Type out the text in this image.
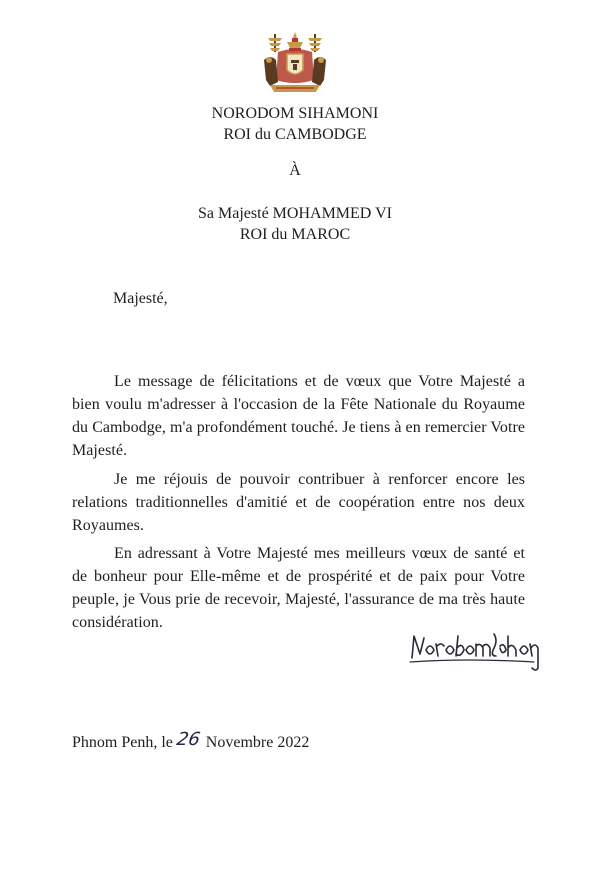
NORODOM SIHAMONI
ROI du CAMBODGE
À
Sa Majesté MOHAMMED VI
ROI du MAROC
Majesté,

Le message de félicitations et de vœux que Votre Majesté a bien voulu m'adresser à l'occasion de la Fête Nationale du Royaume du Cambodge, m'a profondément touché. Je tiens à en remercier Votre Majesté.

Je me réjouis de pouvoir contribuer à renforcer encore les relations traditionnelles d'amitié et de coopération entre nos deux Royaumes.

En adressant à Votre Majesté mes meilleurs vœux de santé et de bonheur pour Elle-même et de prospérité et de paix pour Votre peuple, je Vous prie de recevoir, Majesté, l'assurance de ma très haute considération.

Phnom Penh, le 26 Novembre 2022
